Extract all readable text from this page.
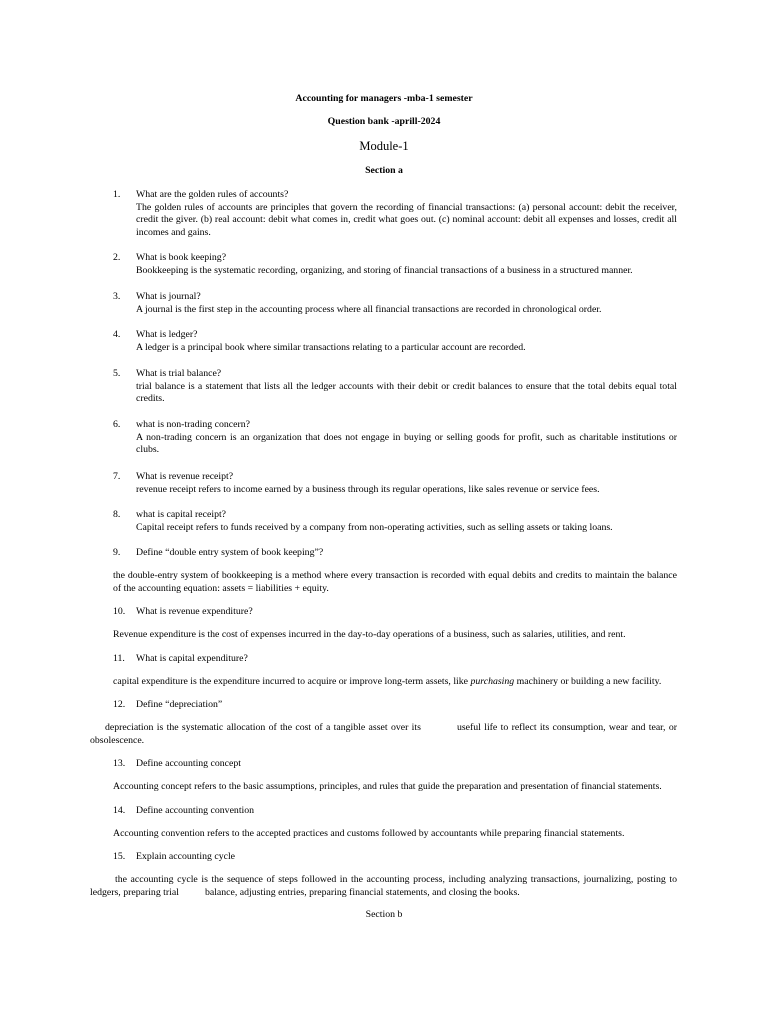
Accounting for managers -mba-1 semester
Question bank -aprill-2024
Module-1
Section a
1.	What are the golden rules of accounts?
The golden rules of accounts are principles that govern the recording of financial transactions: (a) personal account: debit the receiver, credit the giver. (b) real account: debit what comes in, credit what goes out. (c) nominal account: debit all expenses and losses, credit all incomes and gains.
2.	What is book keeping?
Bookkeeping is the systematic recording, organizing, and storing of financial transactions of a business in a structured manner.
3.	What is journal?
A journal is the first step in the accounting process where all financial transactions are recorded in chronological order.
4.	What is ledger?
A ledger is a principal book where similar transactions relating to a particular account are recorded.
5.	What is trial balance?
trial balance is a statement that lists all the ledger accounts with their debit or credit balances to ensure that the total debits equal total credits.
6.	what is non-trading concern?
A non-trading concern is an organization that does not engage in buying or selling goods for profit, such as charitable institutions or clubs.
7.	What is revenue receipt?
revenue receipt refers to income earned by a business through its regular operations, like sales revenue or service fees.
8.	what is capital receipt?
Capital receipt refers to funds received by a company from non-operating activities, such as selling assets or taking loans.
9.	Define “double entry system of book keeping”?
the double-entry system of bookkeeping is a method where every transaction is recorded with equal debits and credits to maintain the balance of the accounting equation: assets = liabilities + equity.
10.	What is revenue expenditure?
Revenue expenditure is the cost of expenses incurred in the day-to-day operations of a business, such as salaries, utilities, and rent.
11.	What is capital expenditure?
capital expenditure is the expenditure incurred to acquire or improve long-term assets, like purchasing machinery or building a new facility.
12.	Define “depreciation”
depreciation is the systematic allocation of the cost of a tangible asset over its	useful life to reflect its consumption, wear and tear, or obsolescence.
13.	Define accounting concept
Accounting concept refers to the basic assumptions, principles, and rules that guide the preparation and presentation of financial statements.
14.	Define accounting convention
Accounting convention refers to the accepted practices and customs followed by accountants while preparing financial statements.
15.	Explain accounting cycle
the accounting cycle is the sequence of steps followed in the accounting process, including analyzing transactions, journalizing, posting to ledgers, preparing trial	balance, adjusting entries, preparing financial statements, and closing the books.
Section b
